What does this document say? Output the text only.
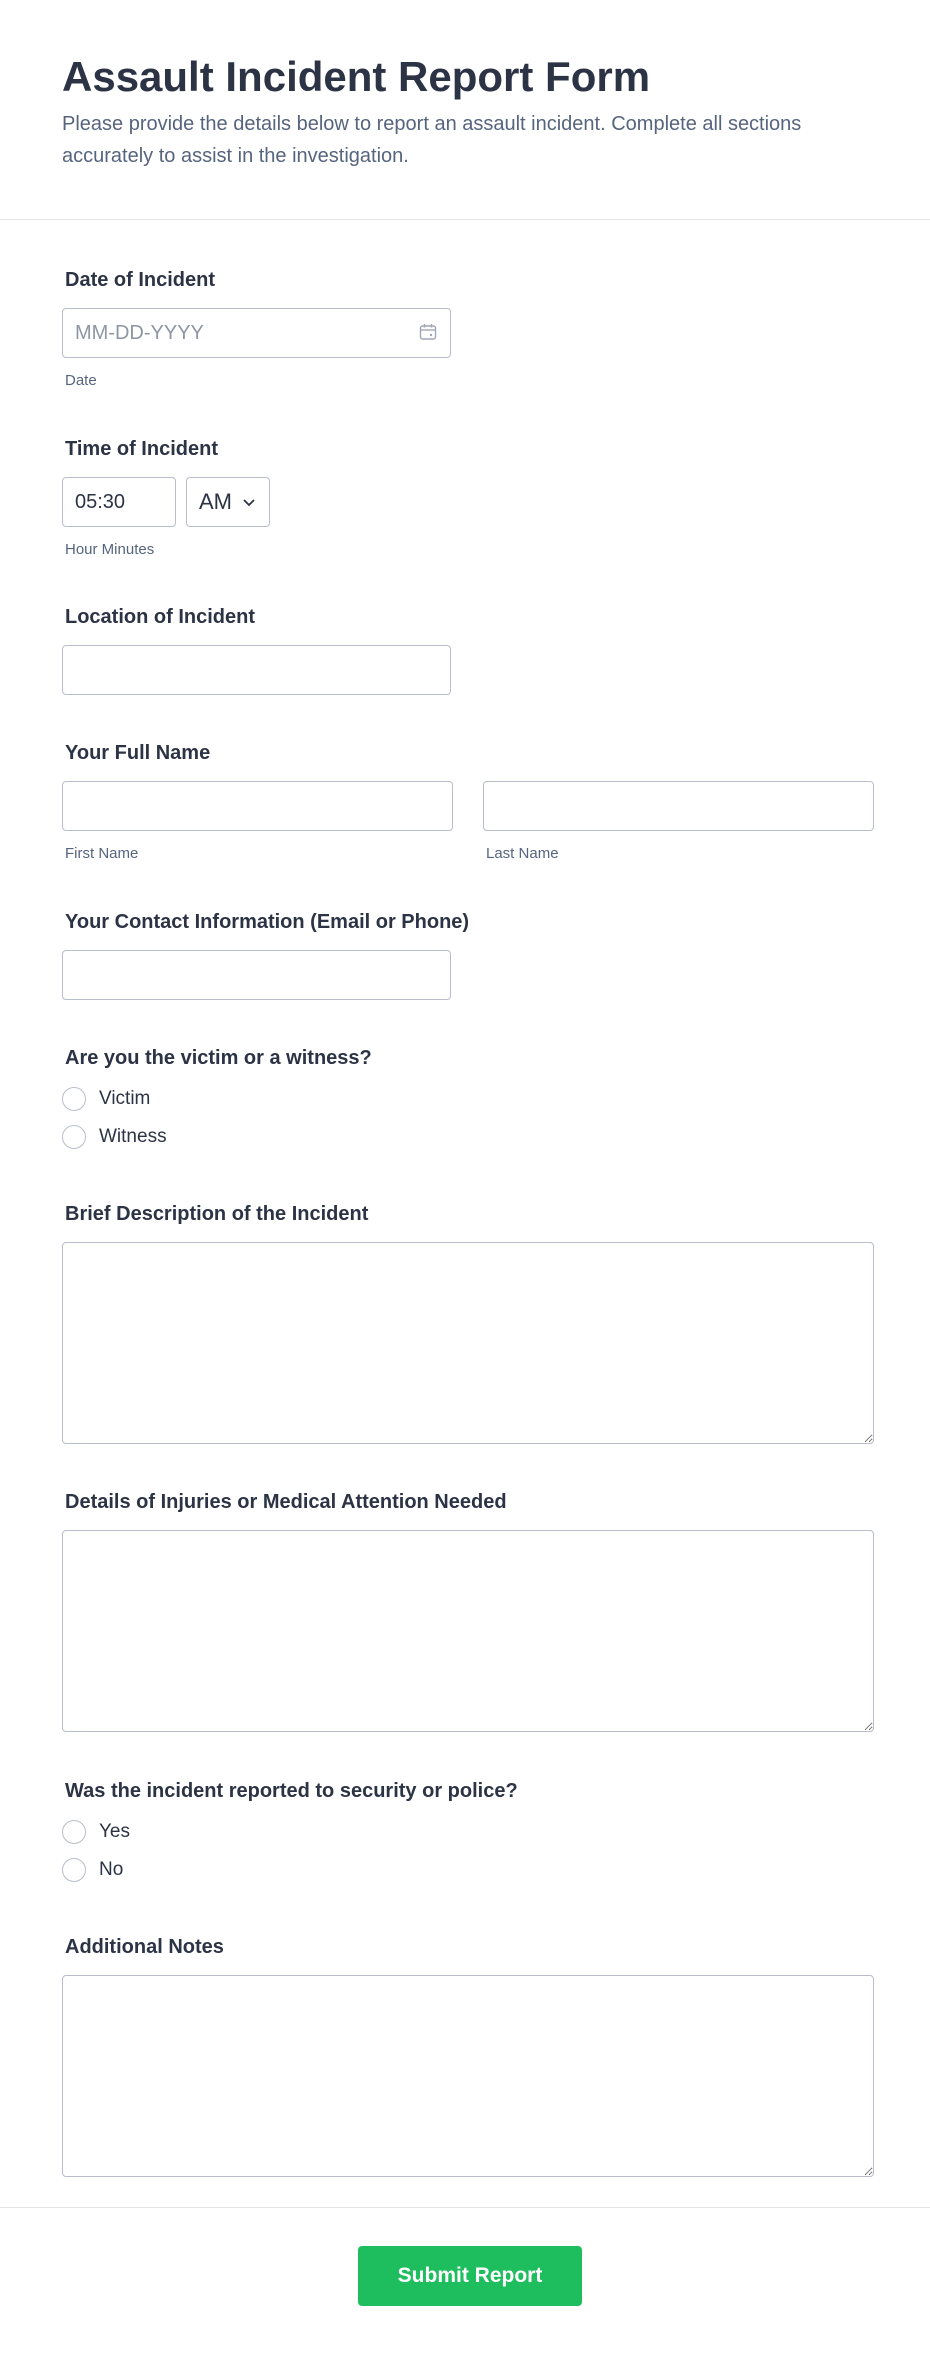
Assault Incident Report Form

Please provide the details below to report an assault incident. Complete all sections accurately to assist in the investigation.

Date of Incident
MM-DD-YYYY
Date
Time of Incident
05:30
AM
Hour Minutes
Location of Incident
Your Full Name
First Name	Last Name
Your Contact Information (Email or Phone)
Are you the victim or a witness?
Victim
Witness
Brief Description of the Incident
Details of Injuries or Medical Attention Needed
Was the incident reported to security or police?
Yes
No
Additional Notes
Submit Report
